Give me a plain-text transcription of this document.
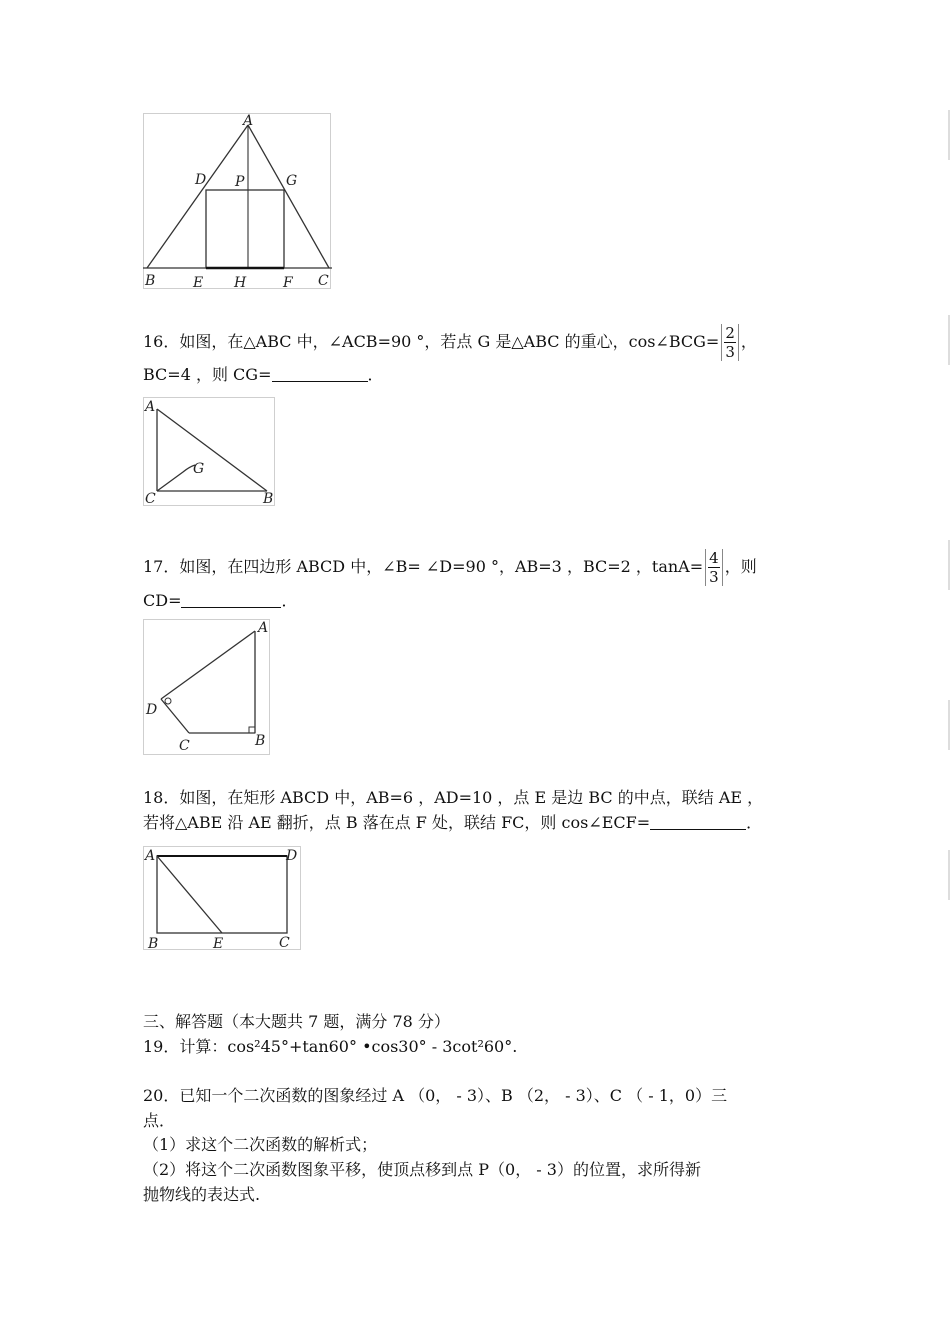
A
D P	G
B	E H	F C
16．如图，在△ABC 中，∠ACB=90 °，若点 G 是△ABC 的重心，cos∠BCG= $\frac{2}{3}$ ，
BC=4 ，则 CG=	．
A
G
C	B
17．如图，在四边形 ABCD 中，∠B= ∠D=90 °，AB=3 ，BC=2 ，$\tan A= \frac{4}{3}$ ，则
CD=	．
A
D
C	B
18．如图，在矩形 ABCD 中，AB=6 ，AD=10 ，点 E 是边 BC 的中点，联结 AE ，
若将△ABE 沿 AE 翻折，点 B 落在点 F 处，联结 FC，则 cos∠ECF=	．
A	D
B	E	C
三、解答题（本大题共 7 题，满分 78 分）
19．计算：cos²45°+tan60° •cos30° - 3cot²60°.
20．已知一个二次函数的图象经过 A （0， - 3）、B （2， - 3）、C （ - 1，0）三
点．
（1）求这个二次函数的解析式；
（2）将这个二次函数图象平移，使顶点移到点 P（0， - 3）的位置，求所得新
抛物线的表达式.
